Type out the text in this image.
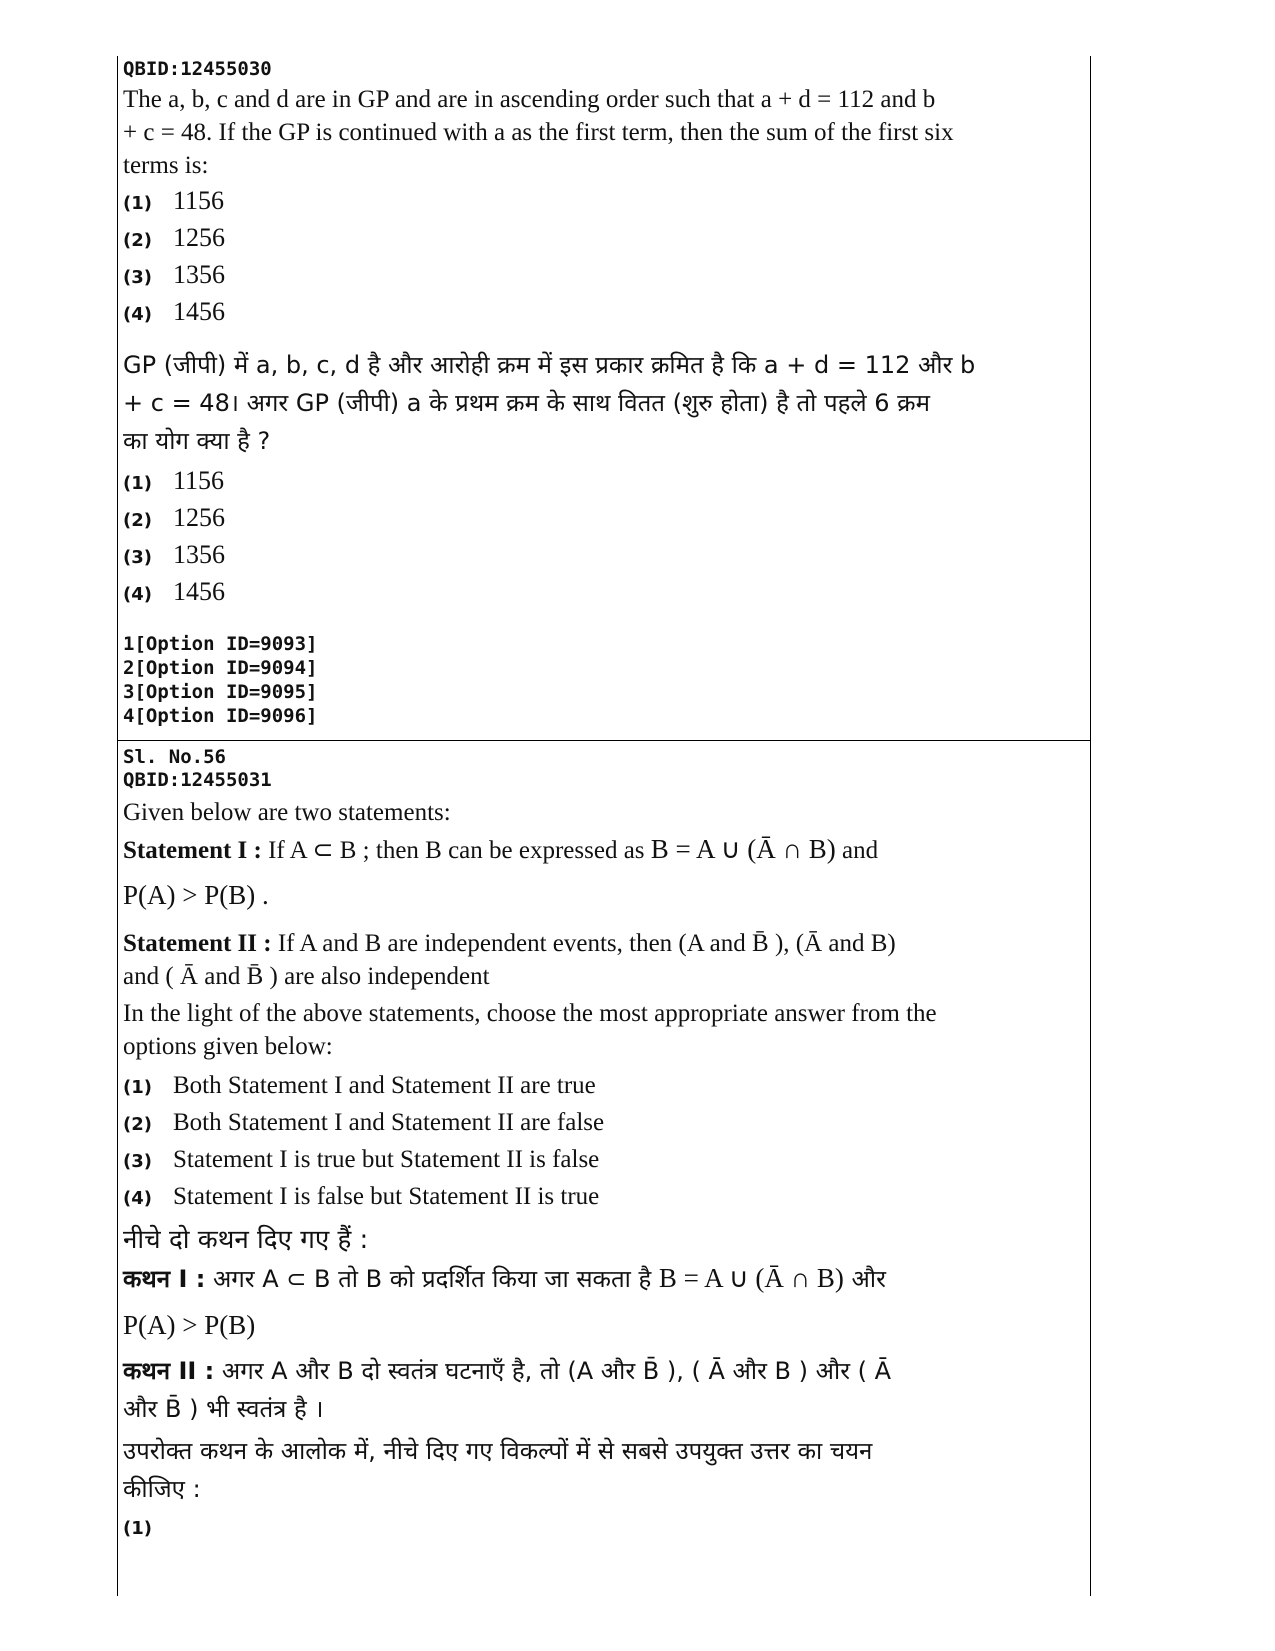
QBID:12455030
The a, b, c and d are in GP and are in ascending order such that a + d = 112 and b
+ c = 48. If the GP is continued with a as the first term, then the sum of the first six
terms is:
(1) 1156
(2) 1256
(3) 1356
(4) 1456
GP (जीपी) में a, b, c, d है और आरोही क्रम में इस प्रकार क्रमित है कि a + d = 112 और b
+ c = 48। अगर GP (जीपी) a के प्रथम क्रम के साथ वितत (शुरु होता) है तो पहले 6 क्रम
का योग क्या है ?
(1) 1156
(2) 1256
(3) 1356
(4) 1456
1[Option ID=9093]
2[Option ID=9094]
3[Option ID=9095]
4[Option ID=9096]
Sl. No.56
QBID:12455031
Given below are two statements:
Statement I : If A ⊂ B ; then B can be expressed as B = A ∪ (Ā ∩ B) and
P(A) > P(B) .
Statement II : If A and B are independent events, then (A and B̄ ), (Ā and B)
and ( Ā and B̄ ) are also independent
In the light of the above statements, choose the most appropriate answer from the
options given below:
(1) Both Statement I and Statement II are true
(2) Both Statement I and Statement II are false
(3) Statement I is true but Statement II is false
(4) Statement I is false but Statement II is true
नीचे दो कथन दिए गए हैं :
कथन I : अगर A ⊂ B तो B को प्रदर्शित किया जा सकता है B = A ∪ (Ā ∩ B) और
P(A) > P(B)
कथन II : अगर A और B दो स्वतंत्र घटनाएँ है, तो (A और B̄ ), ( Ā और B ) और ( Ā
और B̄ ) भी स्वतंत्र है ।
उपरोक्त कथन के आलोक में, नीचे दिए गए विकल्पों में से सबसे उपयुक्त उत्तर का चयन
कीजिए :
(1)
